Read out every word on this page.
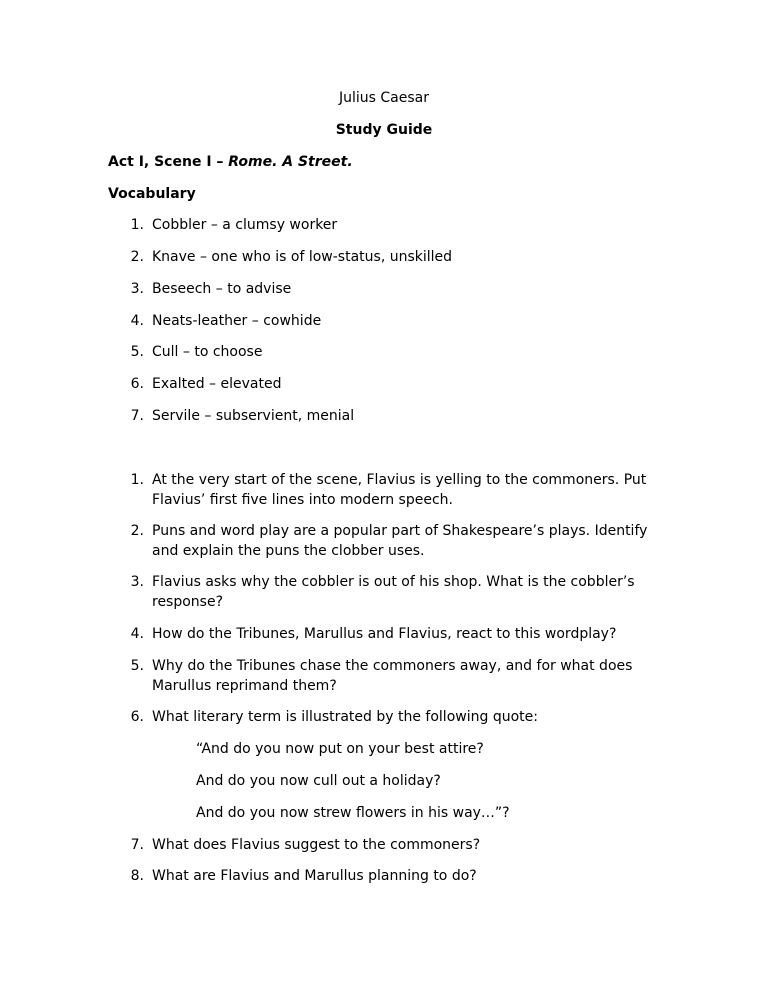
Julius Caesar
Study Guide
Act I, Scene I – Rome. A Street.
Vocabulary
1. Cobbler – a clumsy worker
2. Knave – one who is of low-status, unskilled
3. Beseech – to advise
4. Neats-leather – cowhide
5. Cull – to choose
6. Exalted – elevated
7. Servile – subservient, menial
1. At the very start of the scene, Flavius is yelling to the commoners. Put
Flavius’ first five lines into modern speech.
2. Puns and word play are a popular part of Shakespeare’s plays. Identify
and explain the puns the clobber uses.
3. Flavius asks why the cobbler is out of his shop. What is the cobbler’s
response?
4. How do the Tribunes, Marullus and Flavius, react to this wordplay?
5. Why do the Tribunes chase the commoners away, and for what does
Marullus reprimand them?
6. What literary term is illustrated by the following quote:
“And do you now put on your best attire?
And do you now cull out a holiday?
And do you now strew flowers in his way…”?
7. What does Flavius suggest to the commoners?
8. What are Flavius and Marullus planning to do?
